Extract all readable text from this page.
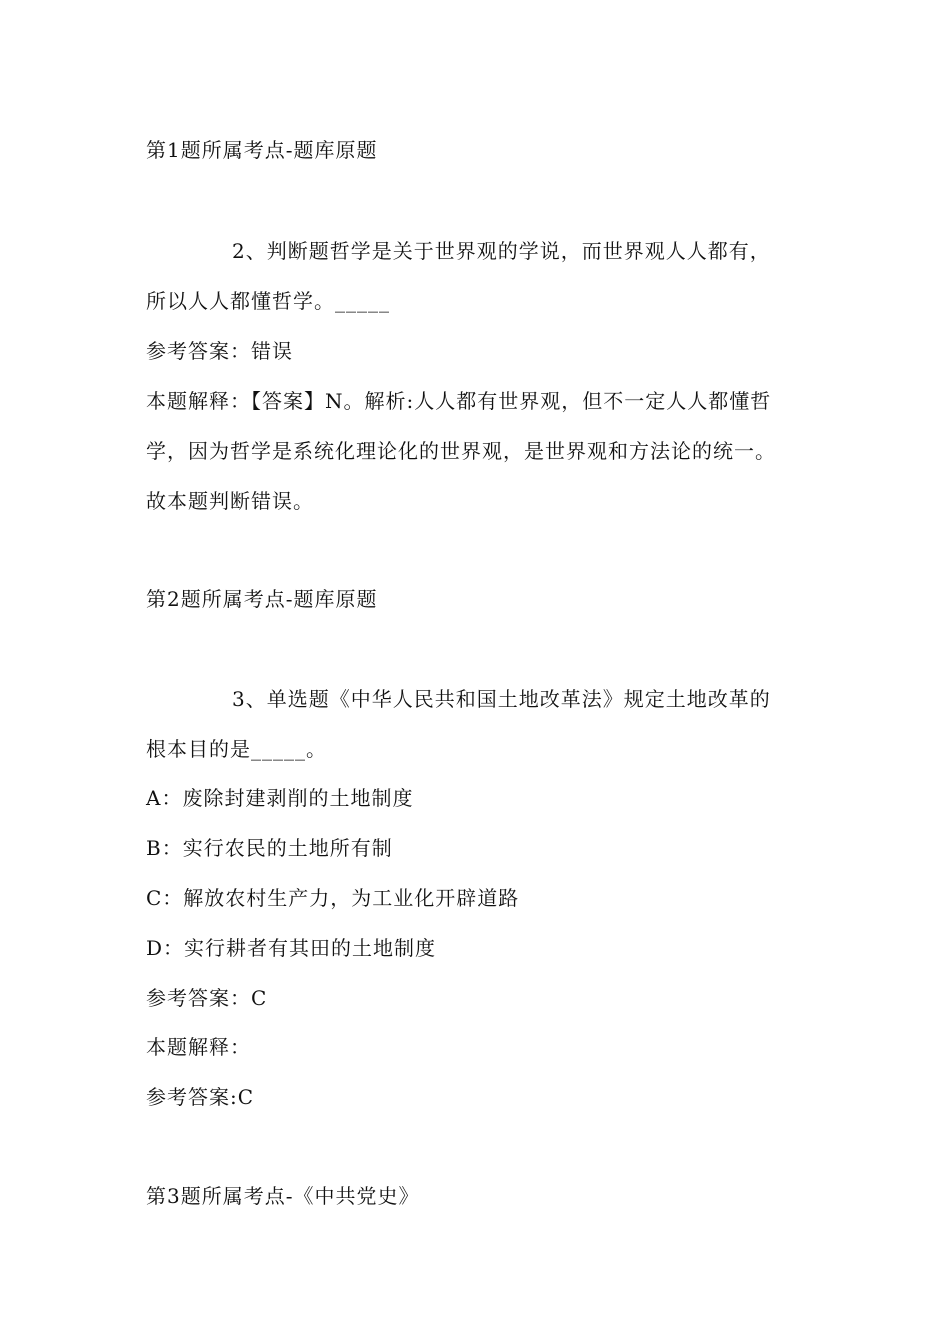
第1题所属考点-题库原题
2、判断题哲学是关于世界观的学说，而世界观人人都有，
所以人人都懂哲学。_____
参考答案：错误
本题解释：【答案】N。解析:人人都有世界观，但不一定人人都懂哲
学，因为哲学是系统化理论化的世界观，是世界观和方法论的统一。
故本题判断错误。
第2题所属考点-题库原题
3、单选题《中华人民共和国土地改革法》规定土地改革的
根本目的是_____。
A：废除封建剥削的土地制度
B：实行农民的土地所有制
C：解放农村生产力，为工业化开辟道路
D：实行耕者有其田的土地制度
参考答案：C
本题解释：
参考答案:C
第3题所属考点-《中共党史》
